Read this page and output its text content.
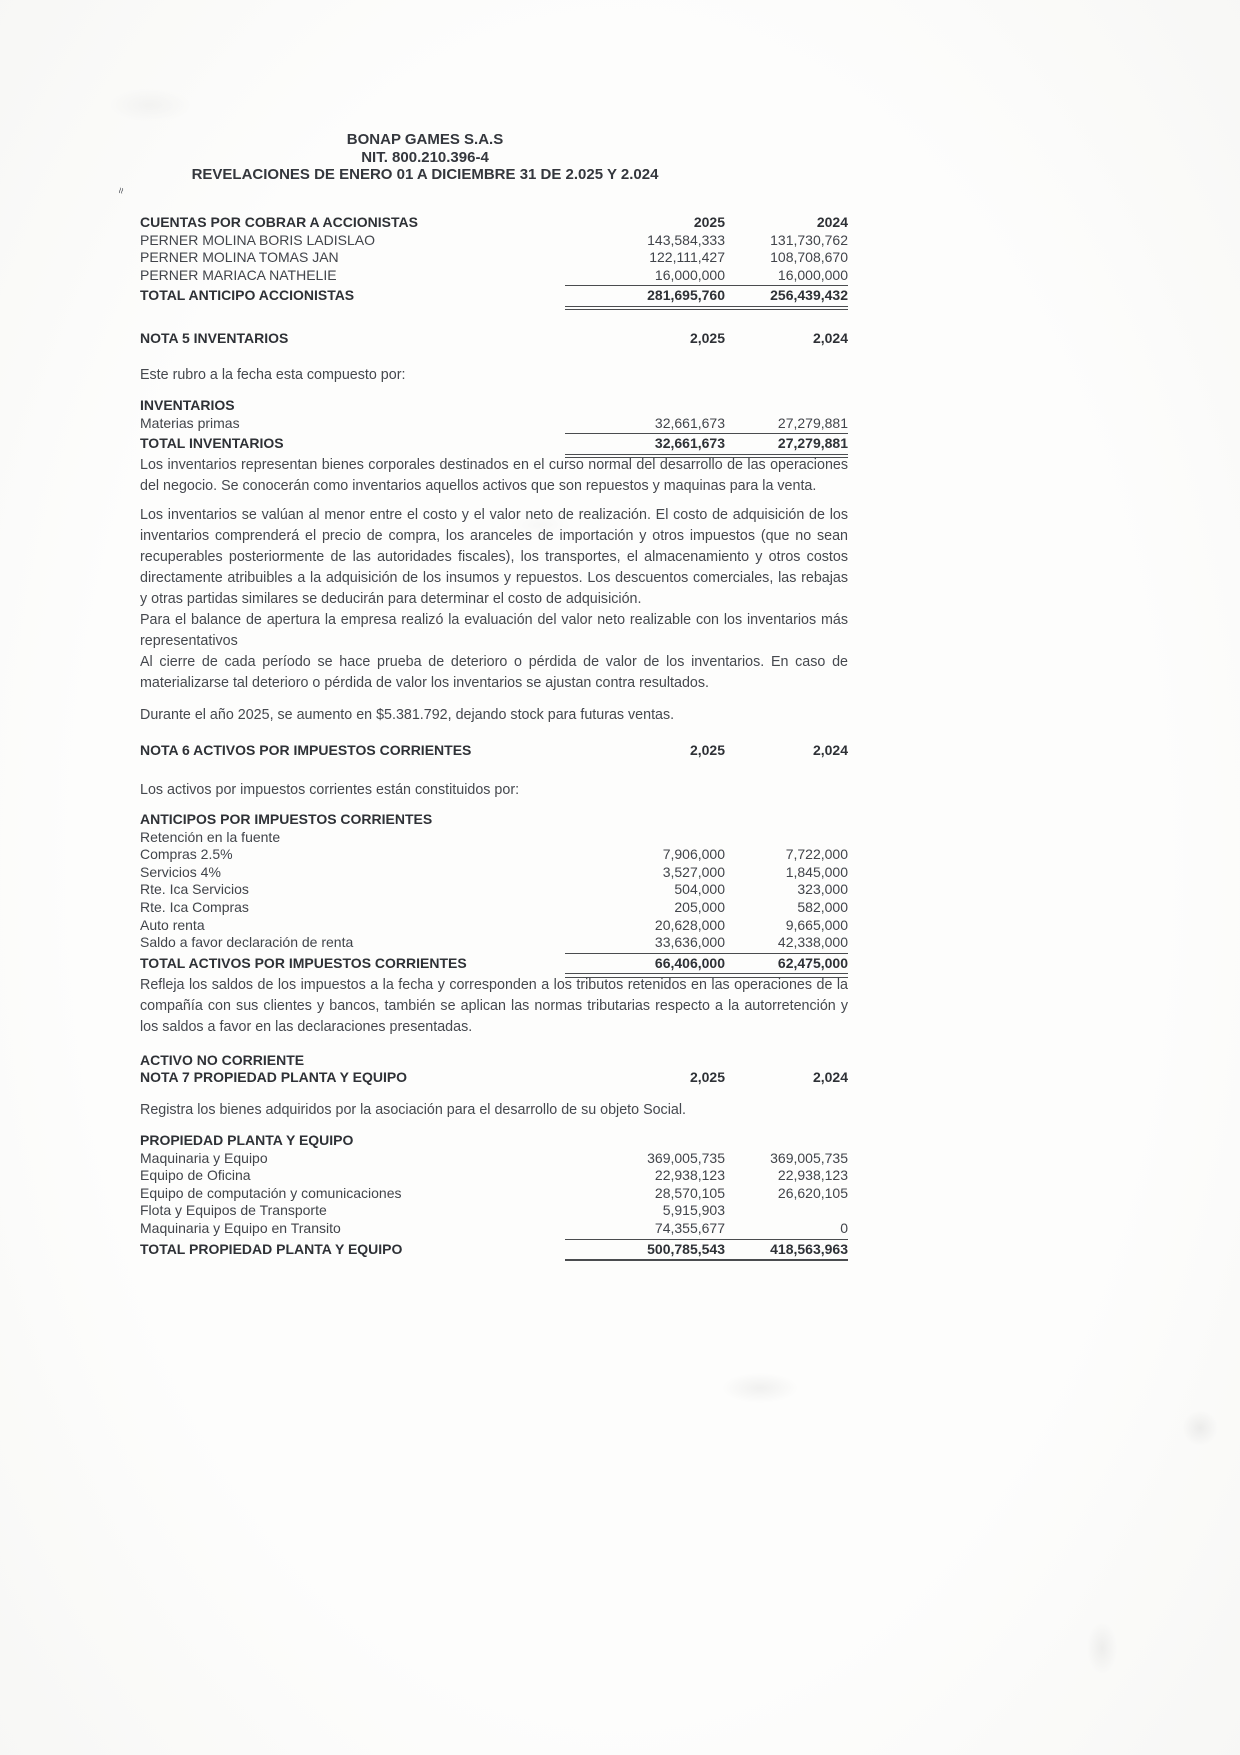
≈
BONAP GAMES S.A.S
NIT. 800.210.396-4
REVELACIONES DE ENERO 01 A DICIEMBRE 31 DE 2.025 Y 2.024
CUENTAS POR COBRAR A ACCIONISTAS	2025	2024
PERNER MOLINA BORIS LADISLAO	143,584,333	131,730,762
PERNER MOLINA TOMAS JAN	122,111,427	108,708,670
PERNER MARIACA NATHELIE	16,000,000	16,000,000
TOTAL ANTICIPO ACCIONISTAS	281,695,760	256,439,432
NOTA 5 INVENTARIOS	2,025	2,024
Este rubro a la fecha esta compuesto por:
INVENTARIOS
Materias primas	32,661,673	27,279,881
TOTAL INVENTARIOS	32,661,673	27,279,881
Los inventarios representan bienes corporales destinados en el curso normal del desarrollo de las operaciones del negocio. Se conocerán como inventarios aquellos activos que son repuestos y maquinas para la venta.
Los inventarios se valúan al menor entre el costo y el valor neto de realización. El costo de adquisición de los inventarios comprenderá el precio de compra, los aranceles de importación y otros impuestos (que no sean recuperables posteriormente de las autoridades fiscales), los transportes, el almacenamiento y otros costos directamente atribuibles a la adquisición de los insumos y repuestos. Los descuentos comerciales, las rebajas y otras partidas similares se deducirán para determinar el costo de adquisición.
Para el balance de apertura la empresa realizó la evaluación del valor neto realizable con los inventarios más representativos
Al cierre de cada período se hace prueba de deterioro o pérdida de valor de los inventarios. En caso de materializarse tal deterioro o pérdida de valor los inventarios se ajustan contra resultados.
Durante el año 2025, se aumento en $5.381.792, dejando stock para futuras ventas.
NOTA 6 ACTIVOS POR IMPUESTOS CORRIENTES	2,025	2,024
Los activos por impuestos corrientes están constituidos por:
ANTICIPOS POR IMPUESTOS CORRIENTES
Retención en la fuente
Compras 2.5%	7,906,000	7,722,000
Servicios 4%	3,527,000	1,845,000
Rte. Ica Servicios	504,000	323,000
Rte. Ica Compras	205,000	582,000
Auto renta	20,628,000	9,665,000
Saldo a favor declaración de renta	33,636,000	42,338,000
TOTAL ACTIVOS POR IMPUESTOS CORRIENTES	66,406,000	62,475,000
Refleja los saldos de los impuestos a la fecha y corresponden a los tributos retenidos en las operaciones de la compañía con sus clientes y bancos, también se aplican las normas tributarias respecto a la autorretención y los saldos a favor en las declaraciones presentadas.
ACTIVO NO CORRIENTE
NOTA 7 PROPIEDAD PLANTA Y EQUIPO	2,025	2,024
Registra los bienes adquiridos por la asociación para el desarrollo de su objeto Social.
PROPIEDAD PLANTA Y EQUIPO
Maquinaria y Equipo	369,005,735	369,005,735
Equipo de Oficina	22,938,123	22,938,123
Equipo de computación y comunicaciones	28,570,105	26,620,105
Flota y Equipos de Transporte	5,915,903
Maquinaria y Equipo en Transito	74,355,677	0
TOTAL PROPIEDAD PLANTA Y EQUIPO	500,785,543	418,563,963
